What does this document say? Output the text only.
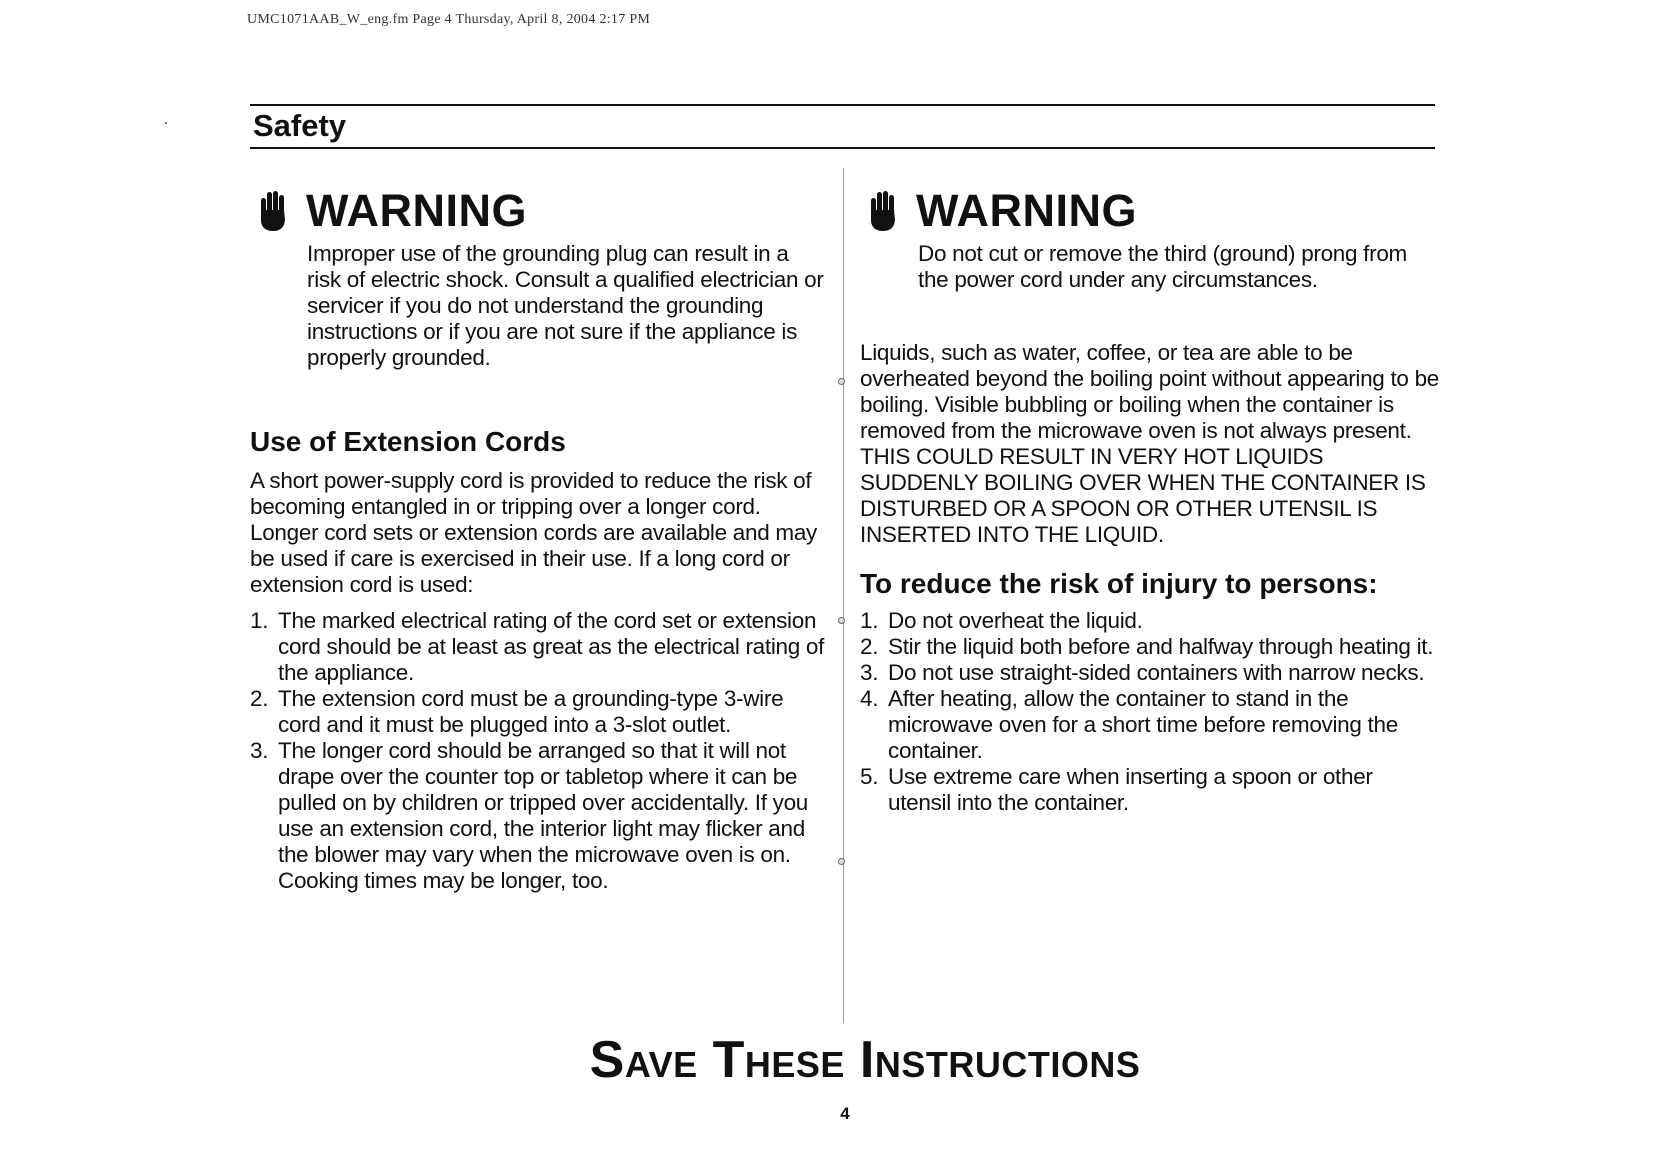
UMC1071AAB_W_eng.fm Page 4 Thursday, April 8, 2004 2:17 PM
Safety
WARNING
Improper use of the grounding plug can result in a risk of electric shock. Consult a qualified electrician or servicer if you do not understand the grounding instructions or if you are not sure if the appliance is properly grounded.
Use of Extension Cords
A short power-supply cord is provided to reduce the risk of becoming entangled in or tripping over a longer cord. Longer cord sets or extension cords are available and may be used if care is exercised in their use. If a long cord or extension cord is used:
1. The marked electrical rating of the cord set or extension cord should be at least as great as the electrical rating of the appliance.
2. The extension cord must be a grounding-type 3-wire cord and it must be plugged into a 3-slot outlet.
3. The longer cord should be arranged so that it will not drape over the counter top or tabletop where it can be pulled on by children or tripped over accidentally. If you use an extension cord, the interior light may flicker and the blower may vary when the microwave oven is on. Cooking times may be longer, too.
WARNING
Do not cut or remove the third (ground) prong from the power cord under any circumstances.
Liquids, such as water, coffee, or tea are able to be overheated beyond the boiling point without appearing to be boiling. Visible bubbling or boiling when the container is removed from the microwave oven is not always present. THIS COULD RESULT IN VERY HOT LIQUIDS SUDDENLY BOILING OVER WHEN THE CONTAINER IS DISTURBED OR A SPOON OR OTHER UTENSIL IS INSERTED INTO THE LIQUID.
To reduce the risk of injury to persons:
1. Do not overheat the liquid.
2. Stir the liquid both before and halfway through heating it.
3. Do not use straight-sided containers with narrow necks.
4. After heating, allow the container to stand in the microwave oven for a short time before removing the container.
5. Use extreme care when inserting a spoon or other utensil into the container.
Save These Instructions
4
